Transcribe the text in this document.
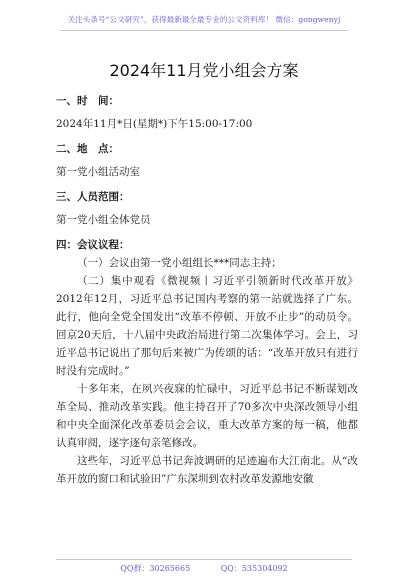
关注头条号“公文研究”，获得最新最全最专业的公文资料库！ 微信：gongwenyj
2024年11月党小组会方案

一、时　间：

2024年11月*日(星期*)下午15:00-17:00

二、地　点：

第一党小组活动室

三、人员范围：

第一党小组全体党员

四：会议议程：

（一）会议由第一党小组组长***同志主持；

（二）集中观看《微视频丨习近平引领新时代改革开放》2012年12月，习近平总书记国内考察的第一站就选择了广东。此行，他向全党全国发出“改革不停顿、开放不止步”的动员令。回京20天后，十八届中央政治局进行第二次集体学习。会上，习近平总书记说出了那句后来被广为传颂的话：“改革开放只有进行时没有完成时。”

十多年来，在夙兴夜寐的忙碌中，习近平总书记不断谋划改革全局、推动改革实践。他主持召开了70多次中央深改领导小组和中央全面深化改革委员会会议，重大改革方案的每一稿，他都认真审阅，逐字逐句亲笔修改。

这些年，习近平总书记奔波调研的足迹遍布大江南北。从“改革开放的窗口和试验田”广东深圳到农村改革发源地安徽

QQ群：30265665	QQ：535304092
